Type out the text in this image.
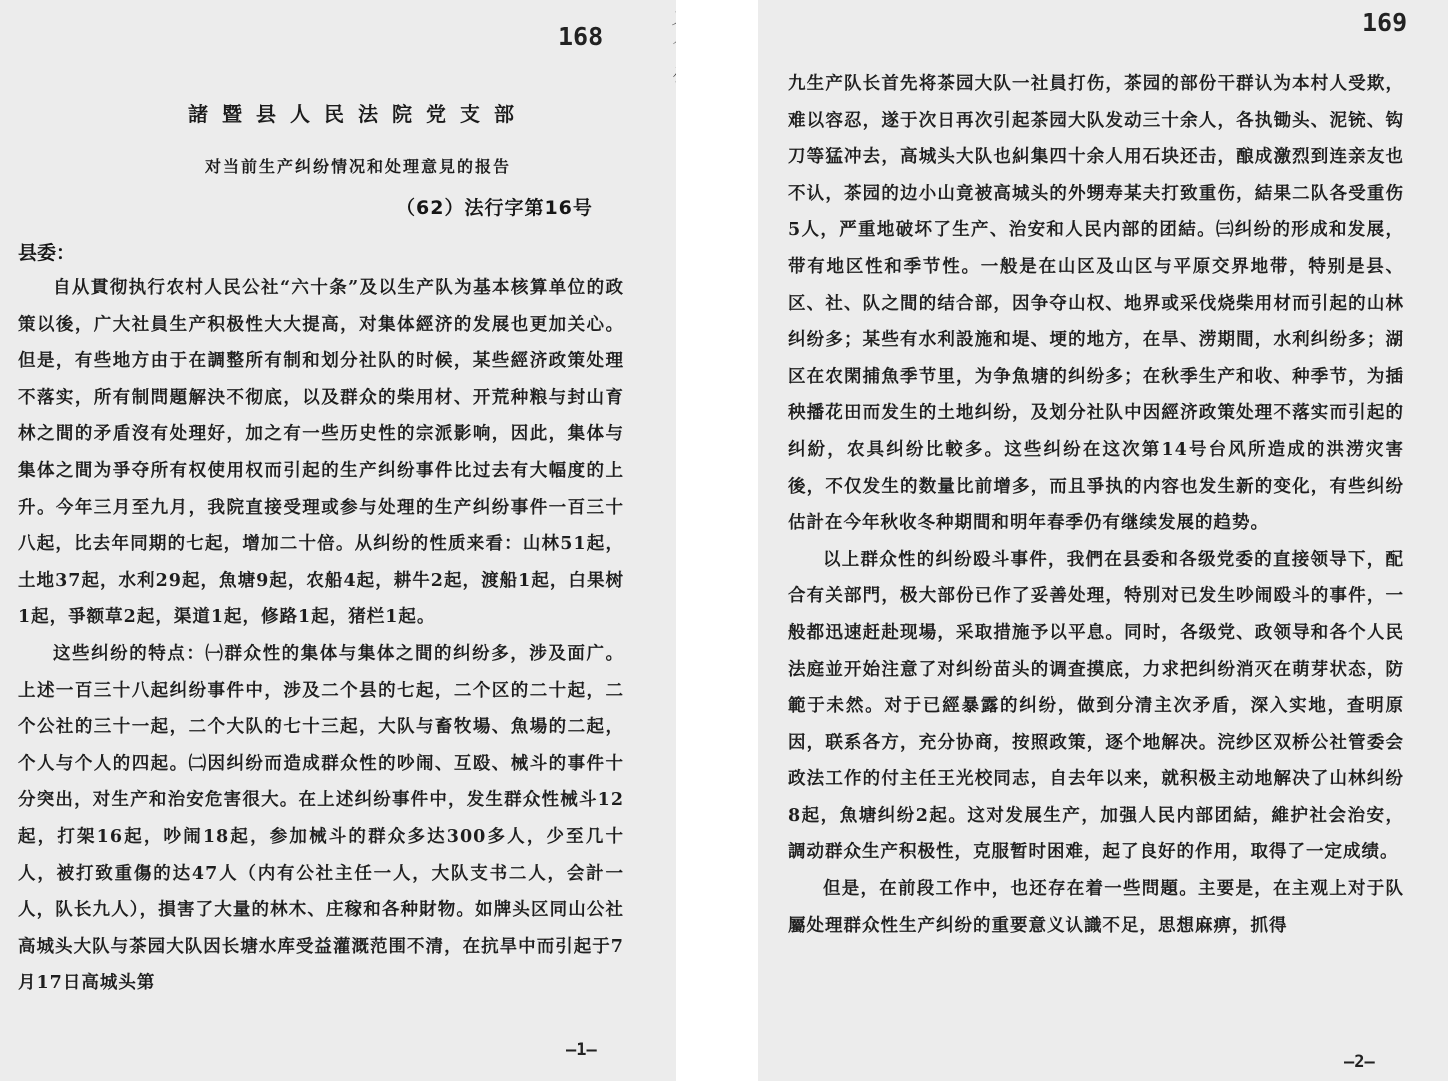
168
諸暨县人民法院党支部
对当前生产纠纷情况和处理意見的报告
（62）法行字第16号
县委：

自从貫彻执行农村人民公社“六十条”及以生产队为基本核算单位的政策以後，广大社員生产积极性大大提高，对集体經济的发展也更加关心。但是，有些地方由于在調整所有制和划分社队的时候，某些經济政策处理不落实，所有制問題解決不彻底，以及群众的柴用材、开荒种粮与封山育林之間的矛盾沒有处理好，加之有一些历史性的宗派影响，因此，集体与集体之間为爭夺所有权使用权而引起的生产纠纷事件比过去有大幅度的上升。今年三月至九月，我院直接受理或参与处理的生产纠纷事件一百三十八起，比去年同期的七起，增加二十倍。从纠纷的性质来看：山林51起，土地37起，水利29起，魚塘9起，农船4起，耕牛2起，渡船1起，白果树1起，爭额草2起，渠道1起，修路1起，猪栏1起。

这些纠纷的特点：㈠群众性的集体与集体之間的纠纷多，涉及面广。上述一百三十八起纠纷事件中，涉及二个县的七起，二个区的二十起，二个公社的三十一起，二个大队的七十三起，大队与畜牧場、魚場的二起，个人与个人的四起。㈡因纠纷而造成群众性的吵闹、互殴、械斗的事件十分突出，对生产和治安危害很大。在上述纠纷事件中，发生群众性械斗12起，打架16起，吵闹18起，参加械斗的群众多达300多人，少至几十人，被打致重傷的达47人（内有公社主任一人，大队支书二人，会計一人，队长九人），損害了大量的林木、庄稼和各种財物。如牌头区同山公社高城头大队与茶园大队因长塘水库受益灌溉范围不清，在抗旱中而引起于7月17日高城头第

—1—
169

九生产队长首先将茶园大队一社員打伤，茶园的部份干群认为本村人受欺，难以容忍，遂于次日再次引起茶园大队发动三十余人，各执锄头、泥铳、钩刀等猛冲去，高城头大队也糾集四十余人用石块还击，酿成激烈到连亲友也不认，茶园的边小山竟被高城头的外甥寿某夫打致重伤，結果二队各受重伤5人，严重地破坏了生产、治安和人民内部的团結。㈢纠纷的形成和发展，带有地区性和季节性。一般是在山区及山区与平原交界地带，特别是县、区、社、队之間的结合部，因争夺山权、地界或采伐烧柴用材而引起的山林纠纷多；某些有水利設施和堤、埂的地方，在旱、涝期間，水利纠纷多；湖区在农閑捕魚季节里，为争魚塘的纠纷多；在秋季生产和收、种季节，为插秧播花田而发生的土地纠纷，及划分社队中因經济政策处理不落实而引起的纠紛，农具纠纷比較多。这些纠纷在这次第14号台风所造成的洪涝灾害後，不仅发生的数量比前增多，而且爭执的内容也发生新的变化，有些纠纷估計在今年秋收冬种期間和明年春季仍有继续发展的趋势。

以上群众性的纠纷殴斗事件，我們在县委和各级党委的直接领导下，配合有关部門，极大部份已作了妥善处理，特別对已发生吵闹殴斗的事件，一般都迅速赶赴现場，采取措施予以平息。同时，各级党、政领导和各个人民法庭並开始注意了对纠纷苗头的调查摸底，力求把纠纷消灭在萌芽状态，防範于未然。对于已經暴露的纠纷，做到分清主次矛盾，深入实地，查明原因，联系各方，充分协商，按照政策，逐个地解决。浣纱区双桥公社管委会政法工作的付主任王光校同志，自去年以来，就积极主动地解决了山林纠纷8起，魚塘纠纷2起。这对发展生产，加强人民内部团結，維护社会治安，調动群众生产积极性，克服暂时困难，起了良好的作用，取得了一定成绩。

但是，在前段工作中，也还存在着一些問題。主要是，在主观上对于队屬处理群众性生产纠纷的重要意义认識不足，思想麻痹，抓得

—2—
